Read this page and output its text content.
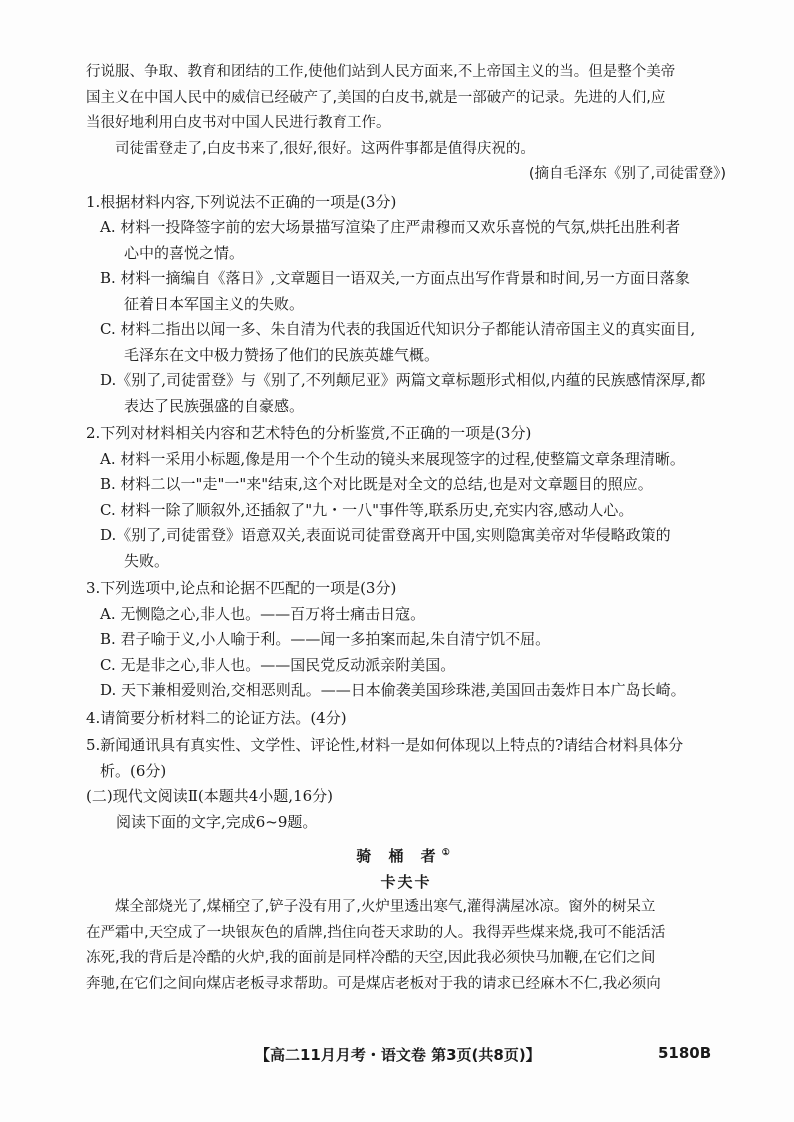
行说服、争取、教育和团结的工作,使他们站到人民方面来,不上帝国主义的当。但是整个美帝

国主义在中国人民中的威信已经破产了,美国的白皮书,就是一部破产的记录。先进的人们,应

当很好地利用白皮书对中国人民进行教育工作。

司徒雷登走了,白皮书来了,很好,很好。这两件事都是值得庆祝的。

(摘自毛泽东《别了,司徒雷登》)

1.根据材料内容,下列说法不正确的一项是(3分)

A. 材料一投降签字前的宏大场景描写渲染了庄严肃穆而又欢乐喜悦的气氛,烘托出胜利者
心中的喜悦之情。
B. 材料一摘编自《落日》,文章题目一语双关,一方面点出写作背景和时间,另一方面日落象
征着日本军国主义的失败。
C. 材料二指出以闻一多、朱自清为代表的我国近代知识分子都能认清帝国主义的真实面目,
毛泽东在文中极力赞扬了他们的民族英雄气概。
D.《别了,司徒雷登》与《别了,不列颠尼亚》两篇文章标题形式相似,内蕴的民族感情深厚,都
表达了民族强盛的自豪感。

2.下列对材料相关内容和艺术特色的分析鉴赏,不正确的一项是(3分)

A. 材料一采用小标题,像是用一个个生动的镜头来展现签字的过程,使整篇文章条理清晰。
B. 材料二以一"走"一"来"结束,这个对比既是对全文的总结,也是对文章题目的照应。
C. 材料一除了顺叙外,还插叙了"九・一八"事件等,联系历史,充实内容,感动人心。
D.《别了,司徒雷登》语意双关,表面说司徒雷登离开中国,实则隐寓美帝对华侵略政策的
失败。

3.下列选项中,论点和论据不匹配的一项是(3分)

A. 无恻隐之心,非人也。——百万将士痛击日寇。
B. 君子喻于义,小人喻于利。——闻一多拍案而起,朱自清宁饥不屈。
C. 无是非之心,非人也。——国民党反动派亲附美国。
D. 天下兼相爱则治,交相恶则乱。——日本偷袭美国珍珠港,美国回击轰炸日本广岛长崎。

4.请简要分析材料二的论证方法。(4分)

5.新闻通讯具有真实性、文学性、评论性,材料一是如何体现以上特点的?请结合材料具体分

析。(6分)

(二)现代文阅读Ⅱ(本题共4小题,16分)

阅读下面的文字,完成6~9题。

骑 桶 者①

卡夫卡

煤全部烧光了,煤桶空了,铲子没有用了,火炉里透出寒气,灌得满屋冰凉。窗外的树呆立

在严霜中,天空成了一块银灰色的盾牌,挡住向苍天求助的人。我得弄些煤来烧,我可不能活活

冻死,我的背后是冷酷的火炉,我的面前是同样冷酷的天空,因此我必须快马加鞭,在它们之间

奔驰,在它们之间向煤店老板寻求帮助。可是煤店老板对于我的请求已经麻木不仁,我必须向

【高二11月月考・语文卷 第3页(共8页)】	5180B
